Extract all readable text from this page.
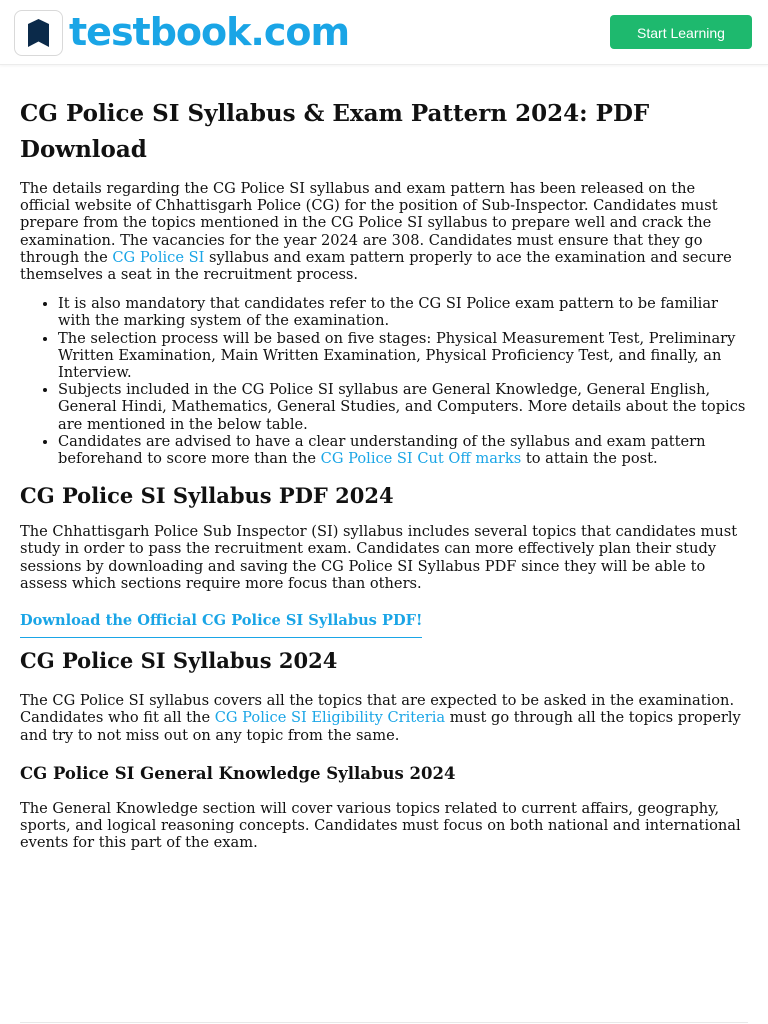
testbook.com	Start Learning
CG Police SI Syllabus & Exam Pattern 2024: PDF Download

The details regarding the CG Police SI syllabus and exam pattern has been released on the official website of Chhattisgarh Police (CG) for the position of Sub-Inspector. Candidates must prepare from the topics mentioned in the CG Police SI syllabus to prepare well and crack the examination. The vacancies for the year 2024 are 308. Candidates must ensure that they go through the CG Police SI syllabus and exam pattern properly to ace the examination and secure themselves a seat in the recruitment process.

• It is also mandatory that candidates refer to the CG SI Police exam pattern to be familiar with the marking system of the examination.
• The selection process will be based on five stages: Physical Measurement Test, Preliminary Written Examination, Main Written Examination, Physical Proficiency Test, and finally, an Interview.
• Subjects included in the CG Police SI syllabus are General Knowledge, General English, General Hindi, Mathematics, General Studies, and Computers. More details about the topics are mentioned in the below table.
• Candidates are advised to have a clear understanding of the syllabus and exam pattern beforehand to score more than the CG Police SI Cut Off marks to attain the post.
CG Police SI Syllabus PDF 2024

The Chhattisgarh Police Sub Inspector (SI) syllabus includes several topics that candidates must study in order to pass the recruitment exam. Candidates can more effectively plan their study sessions by downloading and saving the CG Police SI Syllabus PDF since they will be able to assess which sections require more focus than others.

Download the Official CG Police SI Syllabus PDF!
CG Police SI Syllabus 2024

The CG Police SI syllabus covers all the topics that are expected to be asked in the examination. Candidates who fit all the CG Police SI Eligibility Criteria must go through all the topics properly and try to not miss out on any topic from the same.

CG Police SI General Knowledge Syllabus 2024

The General Knowledge section will cover various topics related to current affairs, geography, sports, and logical reasoning concepts. Candidates must focus on both national and international events for this part of the exam.
